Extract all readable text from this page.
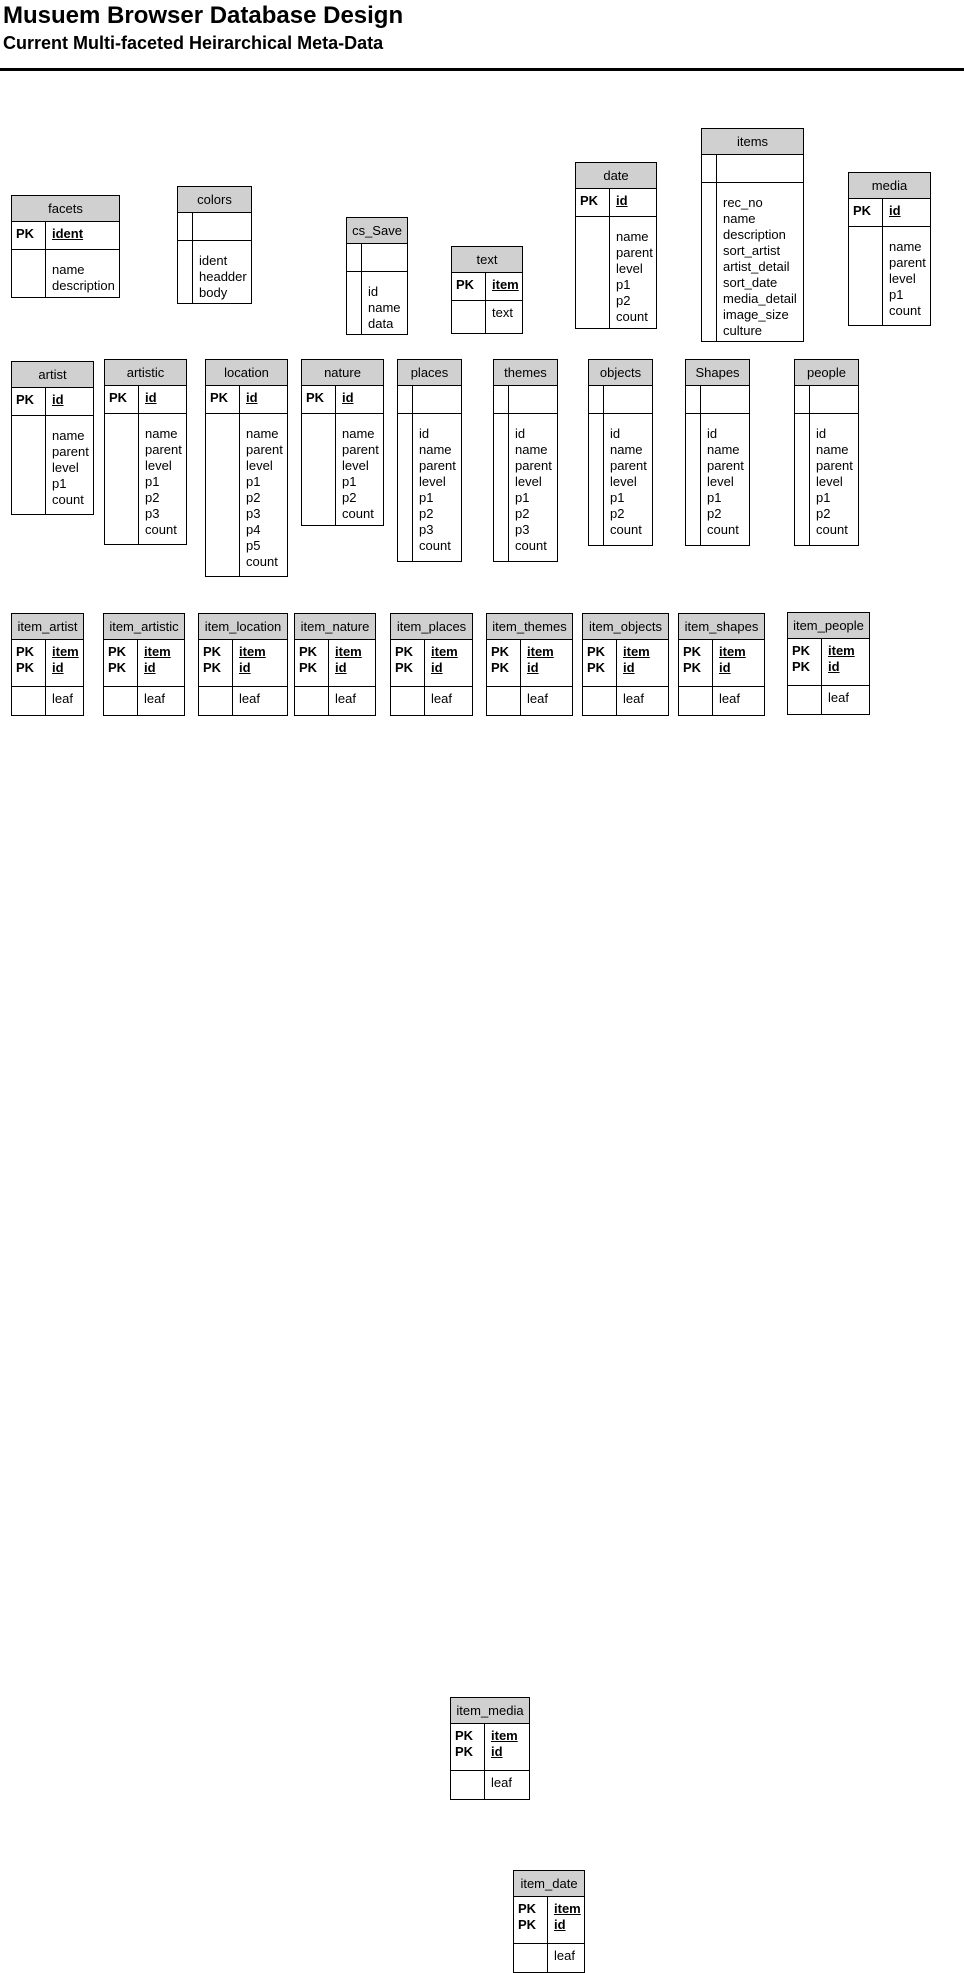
Musuem Browser Database Design
Current Multi-faceted Heirarchical Meta-Data
facets
PK	ident
name
description
colors
ident
headder
body
cs_Save
id
name
data
text
PK	item
text
date
PK	id
name
parent
level
p1
p2
count
items
rec_no
name
description
sort_artist
artist_detail
sort_date
media_detail
image_size
culture
media
PK	id
name
parent
level
p1
count
artist
PK	id
name
parent
level
p1
count
artistic
PK	id
name
parent
level
p1
p2
p3
count
location
PK	id
name
parent
level
p1
p2
p3
p4
p5
count
nature
PK	id
name
parent
level
p1
p2
count
places
id
name
parent
level
p1
p2
p3
count
themes
id
name
parent
level
p1
p2
p3
count
objects
id
name
parent
level
p1
p2
count
Shapes
id
name
parent
level
p1
p2
count
people
id
name
parent
level
p1
p2
count
item_artist
PK
PK
item
id
leaf
item_artistic
PK
PK
item
id
leaf
item_location
PK
PK
item
id
leaf
item_nature
PK
PK
item
id
leaf
item_places
PK
PK
item
id
leaf
item_themes
PK
PK
item
id
leaf
item_objects
PK
PK
item
id
leaf
item_shapes
PK
PK
item
id
leaf
item_people
PK
PK
item
id
leaf
item_media
PK
PK
item
id
leaf
item_date
PK
PK
item
id
leaf
